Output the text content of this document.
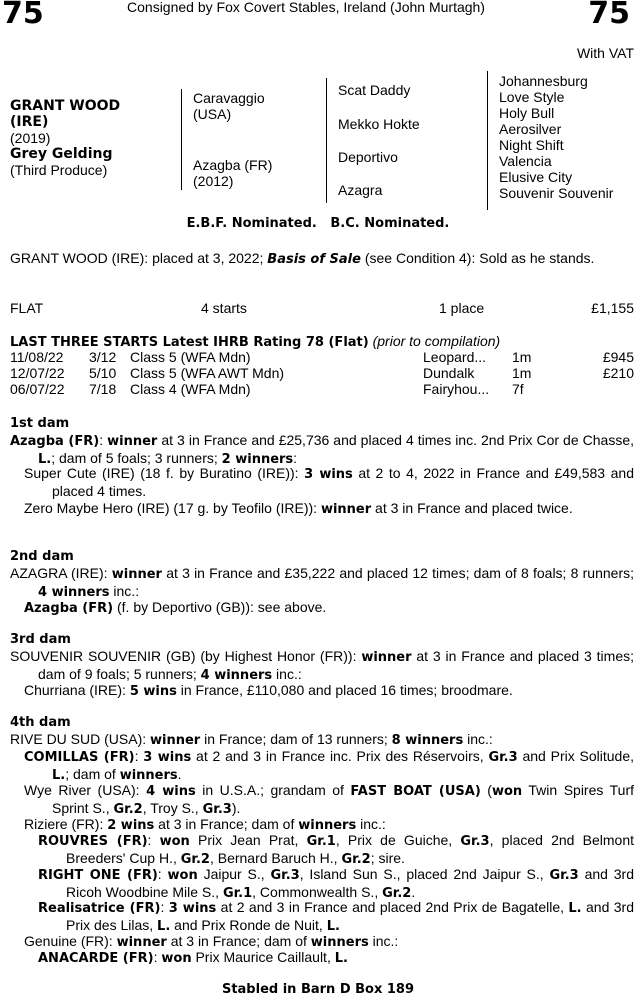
75	75
Consigned by Fox Covert Stables, Ireland (John Murtagh)
With VAT
GRANT WOOD
(IRE)
(2019)
Grey Gelding
(Third Produce)
Caravaggio
(USA)
Azagba (FR)
(2012)
Scat Daddy
Mekko Hokte
Deportivo
Azagra
Johannesburg
Love Style
Holy Bull
Aerosilver
Night Shift
Valencia
Elusive City
Souvenir Souvenir
E.B.F. Nominated.   B.C. Nominated.
GRANT WOOD (IRE): placed at 3, 2022; Basis of Sale (see Condition 4): Sold as he stands.
FLAT	4 starts	1 place	£1,155
LAST THREE STARTS Latest IHRB Rating 78 (Flat) (prior to compilation)
11/08/22 3/12 Class 5 (WFA Mdn)	Leopard... 1m	£945
12/07/22 5/10 Class 5 (WFA AWT Mdn)	Dundalk	1m	£210
06/07/22 7/18 Class 4 (WFA Mdn)	Fairyhou... 7f
1st dam
Azagba (FR): winner at 3 in France and £25,736 and placed 4 times inc. 2nd Prix Cor de Chasse, L.; dam of 5 foals; 3 runners; 2 winners:
Super Cute (IRE) (18 f. by Buratino (IRE)): 3 wins at 2 to 4, 2022 in France and £49,583 and placed 4 times.
Zero Maybe Hero (IRE) (17 g. by Teofilo (IRE)): winner at 3 in France and placed twice.
2nd dam
AZAGRA (IRE): winner at 3 in France and £35,222 and placed 12 times; dam of 8 foals; 8 runners; 4 winners inc.:
Azagba (FR) (f. by Deportivo (GB)): see above.
3rd dam
SOUVENIR SOUVENIR (GB) (by Highest Honor (FR)): winner at 3 in France and placed 3 times; dam of 9 foals; 5 runners; 4 winners inc.:
Churriana (IRE): 5 wins in France, £110,080 and placed 16 times; broodmare.
4th dam
RIVE DU SUD (USA): winner in France; dam of 13 runners; 8 winners inc.:
COMILLAS (FR): 3 wins at 2 and 3 in France inc. Prix des Réservoirs, Gr.3 and Prix Solitude, L.; dam of winners.
Wye River (USA): 4 wins in U.S.A.; grandam of FAST BOAT (USA) (won Twin Spires Turf Sprint S., Gr.2, Troy S., Gr.3).
Riziere (FR): 2 wins at 3 in France; dam of winners inc.:
ROUVRES (FR): won Prix Jean Prat, Gr.1, Prix de Guiche, Gr.3, placed 2nd Belmont Breeders' Cup H., Gr.2, Bernard Baruch H., Gr.2; sire.
RIGHT ONE (FR): won Jaipur S., Gr.3, Island Sun S., placed 2nd Jaipur S., Gr.3 and 3rd Ricoh Woodbine Mile S., Gr.1, Commonwealth S., Gr.2.
Realisatrice (FR): 3 wins at 2 and 3 in France and placed 2nd Prix de Bagatelle, L. and 3rd Prix des Lilas, L. and Prix Ronde de Nuit, L.
Genuine (FR): winner at 3 in France; dam of winners inc.:
ANACARDE (FR): won Prix Maurice Caillault, L.
Stabled in Barn D Box 189
